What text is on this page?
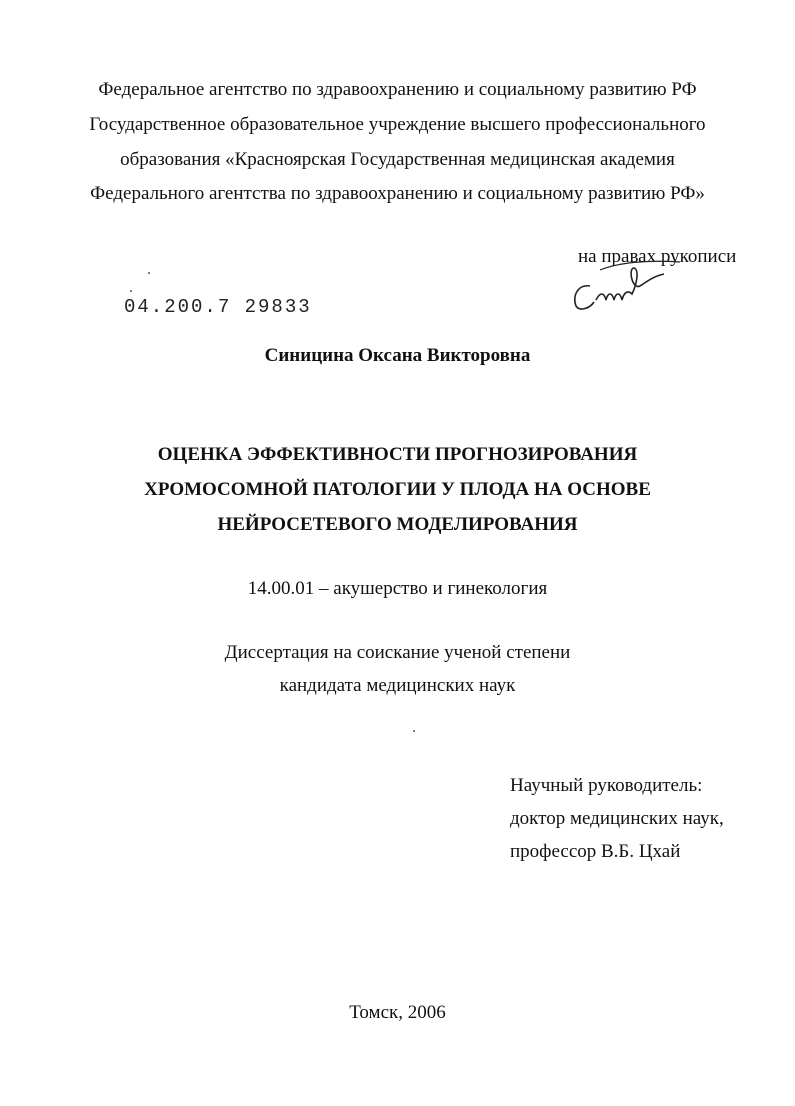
Федеральное агентство по здравоохранению и социальному развитию РФ
Государственное образовательное учреждение высшего профессионального
образования «Красноярская Государственная медицинская академия
Федерального агентства по здравоохранению и социальному развитию РФ»
на правах рукописи
04.200.7 29833
Синицина Оксана Викторовна
ОЦЕНКА ЭФФЕКТИВНОСТИ ПРОГНОЗИРОВАНИЯ
ХРОМОСОМНОЙ ПАТОЛОГИИ У ПЛОДА НА ОСНОВЕ
НЕЙРОСЕТЕВОГО МОДЕЛИРОВАНИЯ
14.00.01 – акушерство и гинекология
Диссертация на соискание ученой степени
кандидата медицинских наук
Научный руководитель:
доктор медицинских наук,
профессор В.Б. Цхай
Томск, 2006
